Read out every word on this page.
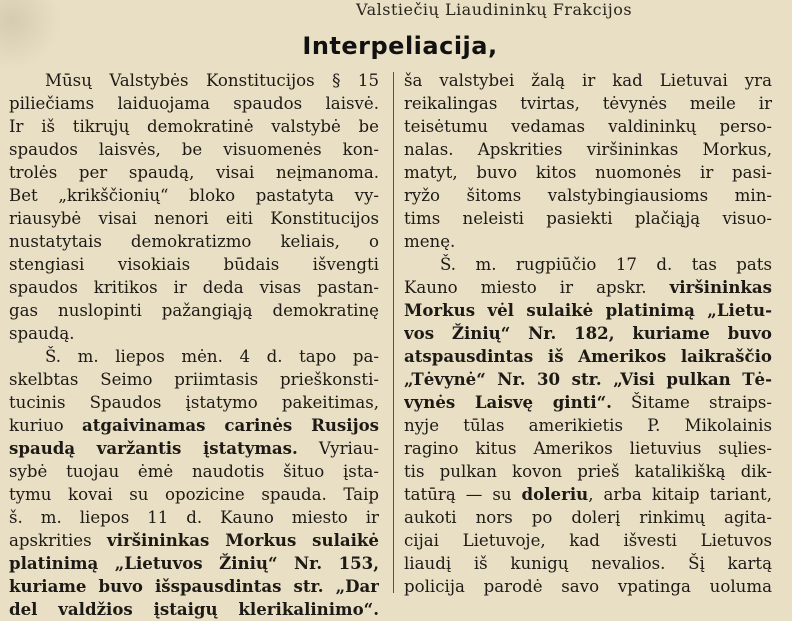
Valstiečių Liaudininkų Frakcijos
Interpeliacija,
Mūsų Valstybės Konstitucijos § 15
piliečiams laiduojama spaudos laisvė.
Ir iš tikrųjų demokratinė valstybė be
spaudos laisvės, be visuomenės kon-
trolės per spaudą, visai neįmanoma.
Bet „krikščionių“ bloko pastatyta vy-
riausybė visai nenori eiti Konstitucijos
nustatytais demokratizmo keliais, o
stengiasi visokiais būdais išvengti
spaudos kritikos ir deda visas pastan-
gas nuslopinti pažangiąją demokratinę
spaudą.
Š. m. liepos mėn. 4 d. tapo pa-
skelbtas Seimo priimtasis prieškonsti-
tucinis Spaudos įstatymo pakeitimas,
kuriuo atgaivinamas carinės Rusijos
spaudą varžantis įstatymas. Vyriau-
sybė tuojau ėmė naudotis šituo įsta-
tymu kovai su opozicine spauda. Taip
š. m. liepos 11 d. Kauno miesto ir
apskrities viršininkas Morkus sulaikė
platinimą „Lietuvos Žinių“ Nr. 153,
kuriame buvo išspausdintas str. „Dar
del valdžios įstaigų klerikalinimo“.
ša valstybei žalą ir kad Lietuvai yra
reikalingas tvirtas, tėvynės meile ir
teisėtumu vedamas valdininkų perso-
nalas. Apskrities viršininkas Morkus,
matyt, buvo kitos nuomonės ir pasi-
ryžo šitoms valstybingiausioms min-
tims neleisti pasiekti plačiąją visuo-
menę.
Š. m. rugpiūčio 17 d. tas pats
Kauno miesto ir apskr. viršininkas
Morkus vėl sulaikė platinimą „Lietu-
vos Žinių“ Nr. 182, kuriame buvo
atspausdintas iš Amerikos laikraščio
„Tėvynė“ Nr. 30 str. „Visi pulkan Tė-
vynės Laisvę ginti“. Šitame straips-
nyje tūlas amerikietis P. Mikolainis
ragino kitus Amerikos lietuvius sųlies-
tis pulkan kovon prieš katalikišką dik-
tatūrą — su doleriu, arba kitaip tariant,
aukoti nors po dolerį rinkimų agita-
cijai Lietuvoje, kad išvesti Lietuvos
liaudį iš kunigų nevalios. Šį kartą
policija parodė savo vpatinga uoluma
